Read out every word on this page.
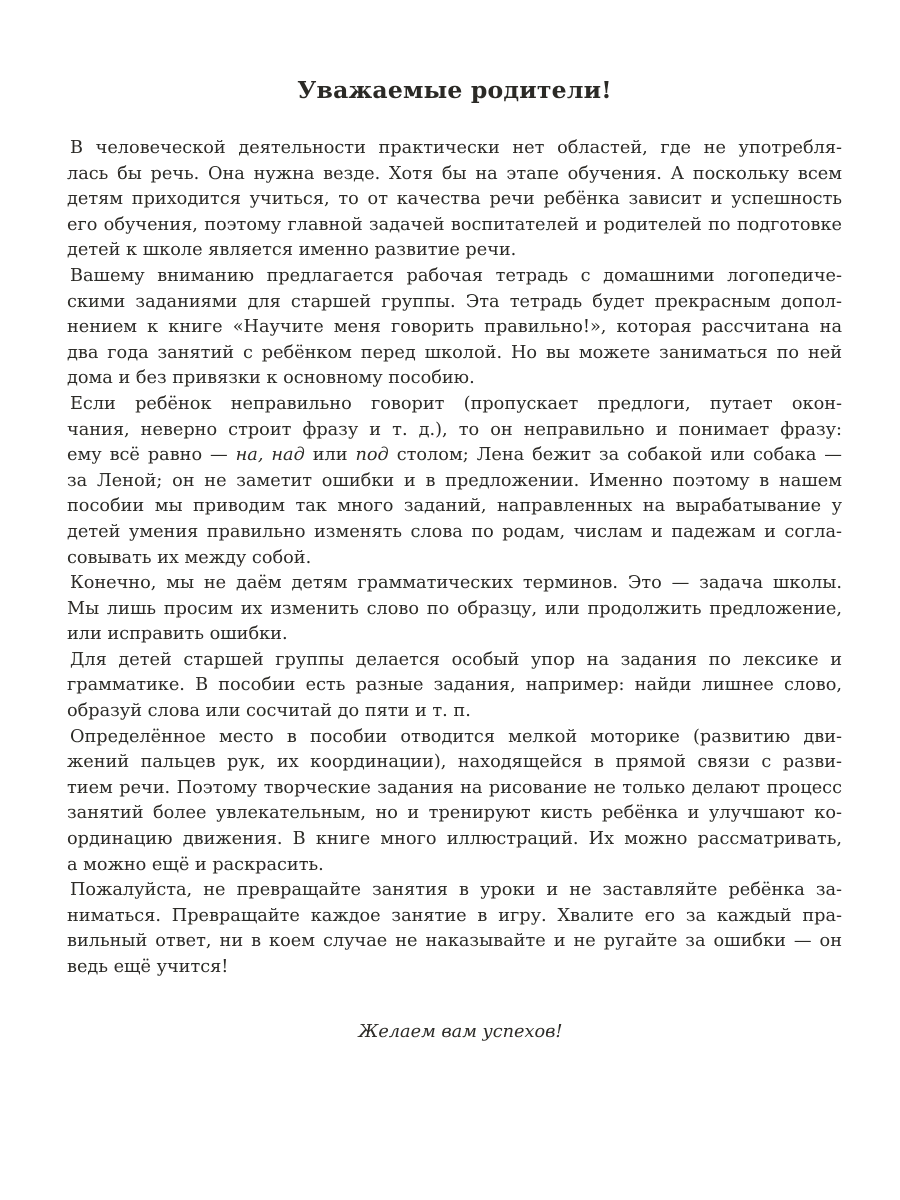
Уважаемые родители!
В человеческой деятельности практически нет областей, где не употребля-
лась бы речь. Она нужна везде. Хотя бы на этапе обучения. А поскольку всем
детям приходится учиться, то от качества речи ребёнка зависит и успешность
его обучения, поэтому главной задачей воспитателей и родителей по подготовке
детей к школе является именно развитие речи.
Вашему вниманию предлагается рабочая тетрадь с домашними логопедиче-
скими заданиями для старшей группы. Эта тетрадь будет прекрасным допол-
нением к книге «Научите меня говорить правильно!», которая рассчитана на
два года занятий с ребёнком перед школой. Но вы можете заниматься по ней
дома и без привязки к основному пособию.
Если ребёнок неправильно говорит (пропускает предлоги, путает окон-
чания, неверно строит фразу и т. д.), то он неправильно и понимает фразу:
ему всё равно — на, над или под столом; Лена бежит за собакой или собака —
за Леной; он не заметит ошибки и в предложении. Именно поэтому в нашем
пособии мы приводим так много заданий, направленных на вырабатывание у
детей умения правильно изменять слова по родам, числам и падежам и согла-
совывать их между собой.
Конечно, мы не даём детям грамматических терминов. Это — задача школы.
Мы лишь просим их изменить слово по образцу, или продолжить предложение,
или исправить ошибки.
Для детей старшей группы делается особый упор на задания по лексике и
грамматике. В пособии есть разные задания, например: найди лишнее слово,
образуй слова или сосчитай до пяти и т. п.
Определённое место в пособии отводится мелкой моторике (развитию дви-
жений пальцев рук, их координации), находящейся в прямой связи с разви-
тием речи. Поэтому творческие задания на рисование не только делают процесс
занятий более увлекательным, но и тренируют кисть ребёнка и улучшают ко-
ординацию движения. В книге много иллюстраций. Их можно рассматривать,
а можно ещё и раскрасить.
Пожалуйста, не превращайте занятия в уроки и не заставляйте ребёнка за-
ниматься. Превращайте каждое занятие в игру. Хвалите его за каждый пра-
вильный ответ, ни в коем случае не наказывайте и не ругайте за ошибки — он
ведь ещё учится!

Желаем вам успехов!
